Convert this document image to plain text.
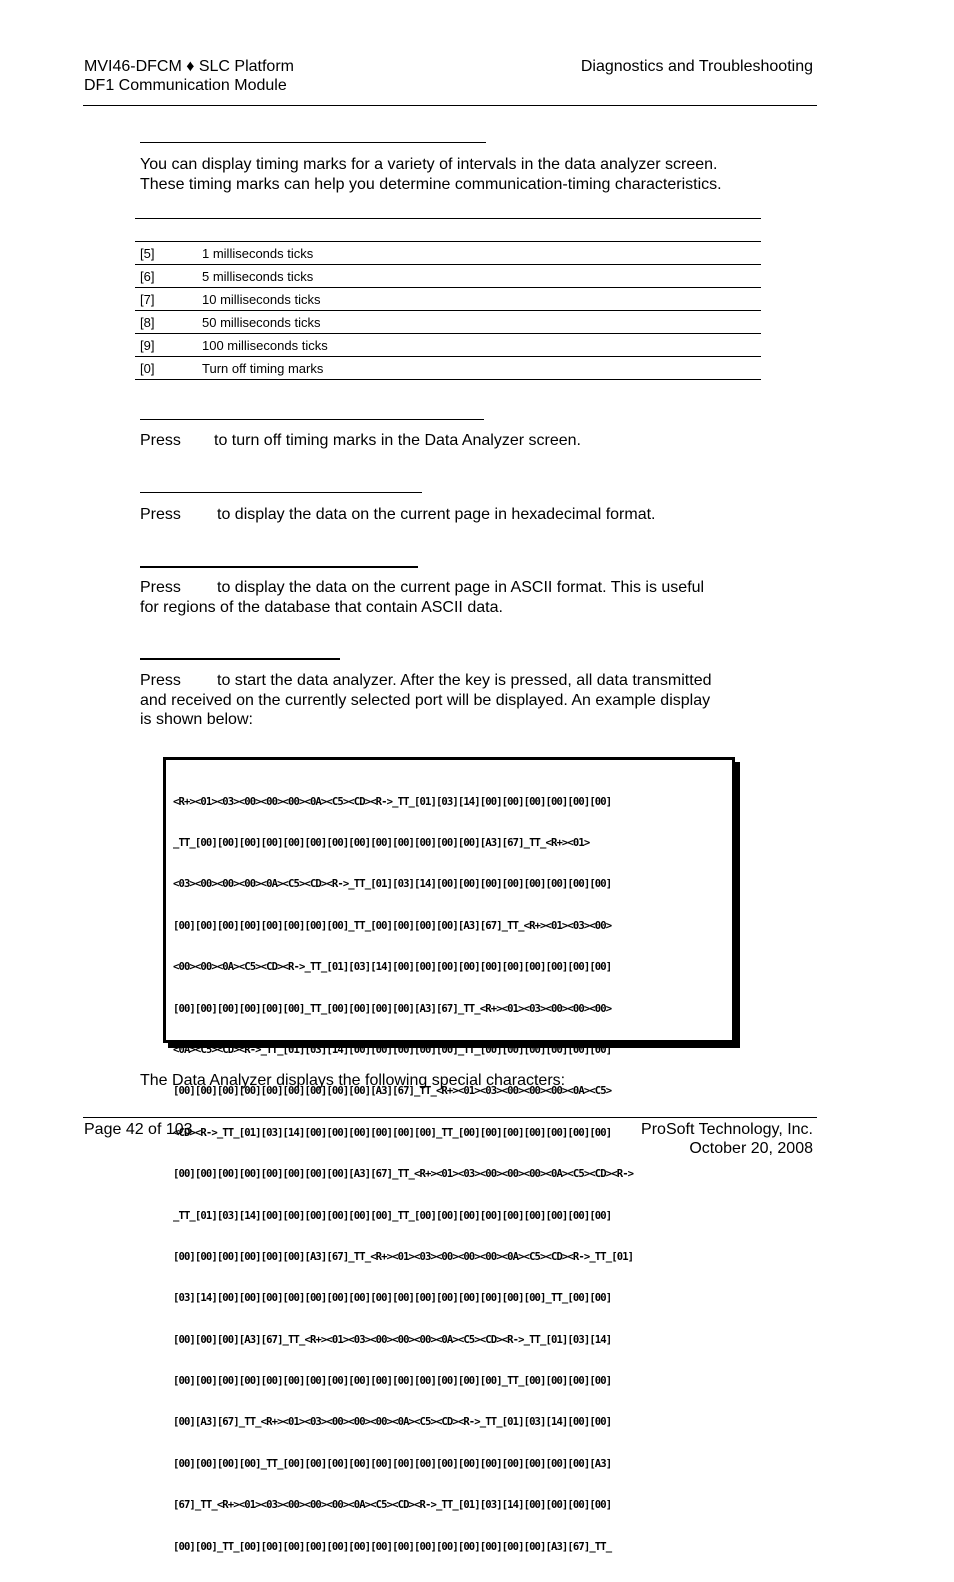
MVI46-DFCM ♦ SLC Platform
DF1 Communication Module
Diagnostics and Troubleshooting
You can display timing marks for a variety of intervals in the data analyzer screen. These timing marks can help you determine communication-timing characteristics.
[5]	1 milliseconds ticks
[6]	5 milliseconds ticks
[7]	10 milliseconds ticks
[8]	50 milliseconds ticks
[9]	100 milliseconds ticks
[0]	Turn off timing marks
Press to turn off timing marks in the Data Analyzer screen.
Press to display the data on the current page in hexadecimal format.
Press to display the data on the current page in ASCII format. This is useful
for regions of the database that contain ASCII data.
Press to start the data analyzer. After the key is pressed, all data transmitted
and received on the currently selected port will be displayed. An example display
is shown below:

<R+><01><03><00><00><00><0A><C5><CD><R->_TT_[01][03][14][00][00][00][00][00][00]

_TT_[00][00][00][00][00][00][00][00][00][00][00][00][00][A3][67]_TT_<R+><01>

<03><00><00><00><0A><C5><CD><R->_TT_[01][03][14][00][00][00][00][00][00][00][00]

[00][00][00][00][00][00][00][00]_TT_[00][00][00][00][A3][67]_TT_<R+><01><03><00>

<00><00><0A><C5><CD><R->_TT_[01][03][14][00][00][00][00][00][00][00][00][00][00]

[00][00][00][00][00][00]_TT_[00][00][00][00][A3][67]_TT_<R+><01><03><00><00><00>

<0A><C5><CD><R->_TT_[01][03][14][00][00][00][00][00]_TT_[00][00][00][00][00][00]

[00][00][00][00][00][00][00][00][00][A3][67]_TT_<R+><01><03><00><00><00><0A><C5>

<CD><R->_TT_[01][03][14][00][00][00][00][00][00]_TT_[00][00][00][00][00][00][00]

[00][00][00][00][00][00][00][00][A3][67]_TT_<R+><01><03><00><00><00><0A><C5><CD><R->

_TT_[01][03][14][00][00][00][00][00][00]_TT_[00][00][00][00][00][00][00][00][00]

[00][00][00][00][00][00][A3][67]_TT_<R+><01><03><00><00><00><0A><C5><CD><R->_TT_[01]

[03][14][00][00][00][00][00][00][00][00][00][00][00][00][00][00][00]_TT_[00][00]

[00][00][00][A3][67]_TT_<R+><01><03><00><00><00><0A><C5><CD><R->_TT_[01][03][14]

[00][00][00][00][00][00][00][00][00][00][00][00][00][00][00]_TT_[00][00][00][00]

[00][A3][67]_TT_<R+><01><03><00><00><00><0A><C5><CD><R->_TT_[01][03][14][00][00]

[00][00][00][00]_TT_[00][00][00][00][00][00][00][00][00][00][00][00][00][00][A3]

[67]_TT_<R+><01><03><00><00><00><0A><C5><CD><R->_TT_[01][03][14][00][00][00][00]

[00][00]_TT_[00][00][00][00][00][00][00][00][00][00][00][00][00][00][A3][67]_TT_

The Data Analyzer displays the following special characters:
Page 42 of 103	ProSoft Technology, Inc.
October 20, 2008
